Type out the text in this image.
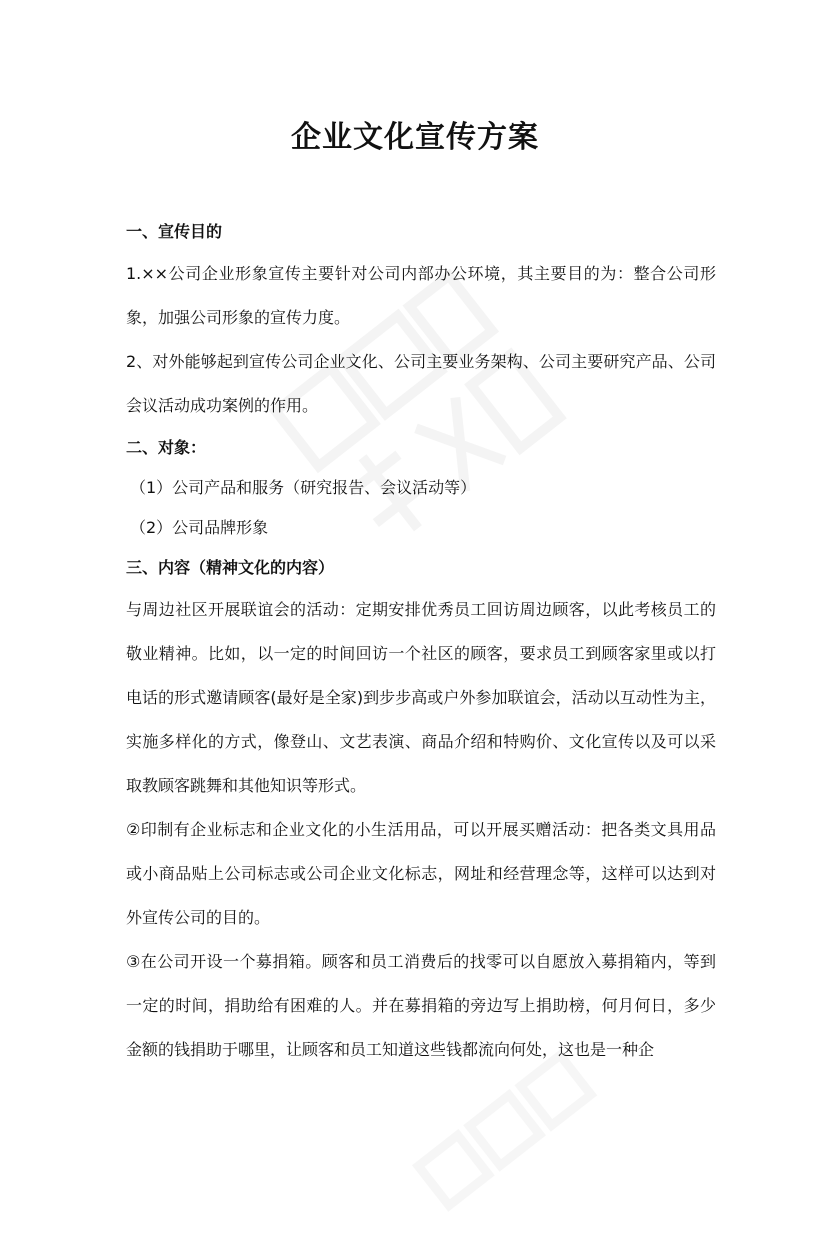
企业文化宣传方案

一、宣传目的

1.××公司企业形象宣传主要针对公司内部办公环境，其主要目的为：整合公司形象，加强公司形象的宣传力度。

2、对外能够起到宣传公司企业文化、公司主要业务架构、公司主要研究产品、公司会议活动成功案例的作用。

二、对象：

（1）公司产品和服务（研究报告、会议活动等）

（2）公司品牌形象

三、内容（精神文化的内容）

与周边社区开展联谊会的活动：定期安排优秀员工回访周边顾客，以此考核员工的敬业精神。比如，以一定的时间回访一个社区的顾客，要求员工到顾客家里或以打电话的形式邀请顾客(最好是全家)到步步高或户外参加联谊会，活动以互动性为主，实施多样化的方式，像登山、文艺表演、商品介绍和特购价、文化宣传以及可以采取教顾客跳舞和其他知识等形式。

②印制有企业标志和企业文化的小生活用品，可以开展买赠活动：把各类文具用品或小商品贴上公司标志或公司企业文化标志，网址和经营理念等，这样可以达到对外宣传公司的目的。

③在公司开设一个募捐箱。顾客和员工消费后的找零可以自愿放入募捐箱内，等到一定的时间，捐助给有困难的人。并在募捐箱的旁边写上捐助榜，何月何日，多少金额的钱捐助于哪里，让顾客和员工知道这些钱都流向何处，这也是一种企
